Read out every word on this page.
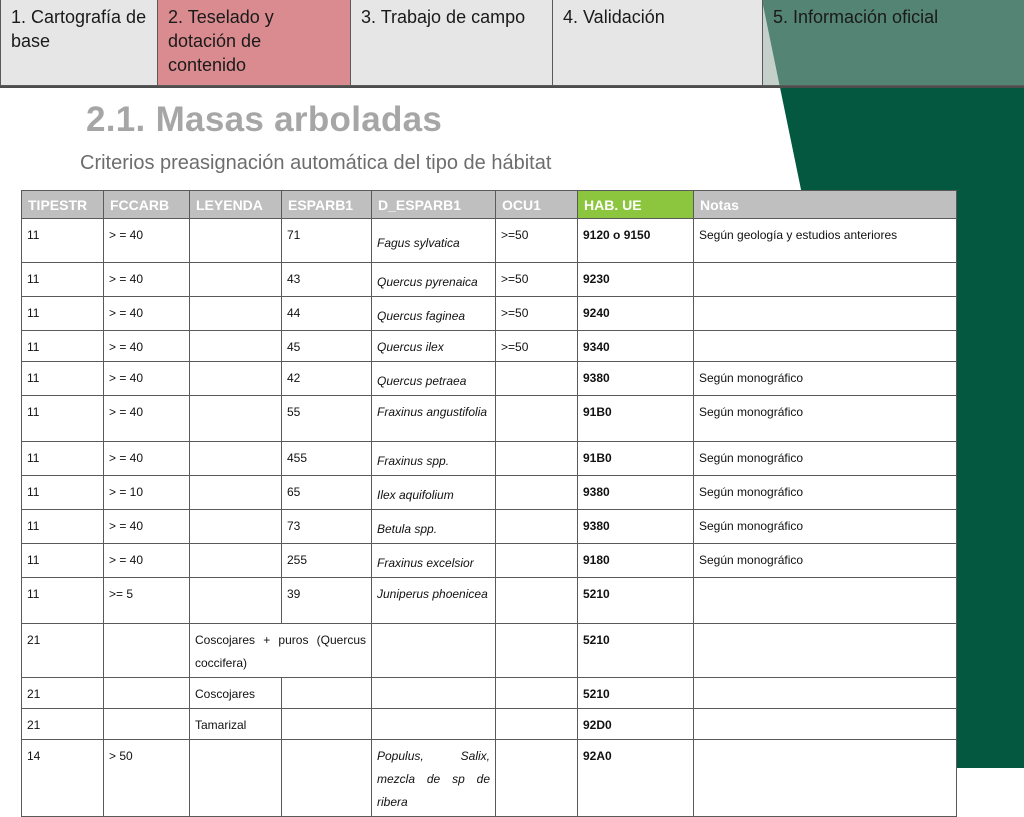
1. Cartografía de base
2. Teselado y dotación de contenido
3. Trabajo de campo	4. Validación	5. Información oficial
2.1. Masas arboladas
Criterios preasignación automática del tipo de hábitat
TIPESTR	FCCARB	LEYENDA	ESPARB1	D_ESPARB1	OCU1	HAB. UE	Notas
11	> = 40		71	Fagus sylvatica	>=50	9120 o 9150	Según geología y estudios anteriores
11	> = 40		43	Quercus pyrenaica	>=50	9230	
11	> = 40		44	Quercus faginea	>=50	9240	
11	> = 40		45	Quercus ilex	>=50	9340	
11	> = 40		42	Quercus petraea		9380	Según monográfico
11	> = 40		55	Fraxinus angustifolia		91B0	Según monográfico
11	> = 40		455	Fraxinus spp.		91B0	Según monográfico
11	> = 10		65	Ilex aquifolium		9380	Según monográfico
11	> = 40		73	Betula spp.		9380	Según monográfico
11	> = 40		255	Fraxinus excelsior		9180	Según monográfico
11	>= 5		39	Juniperus phoenicea		5210	
21		Coscojares + puros (Quercus coccifera)				5210	
21		Coscojares				5210	
21		Tamarizal				92D0	
14	> 50			Populus, Salix, mezcla de sp de ribera		92A0	
